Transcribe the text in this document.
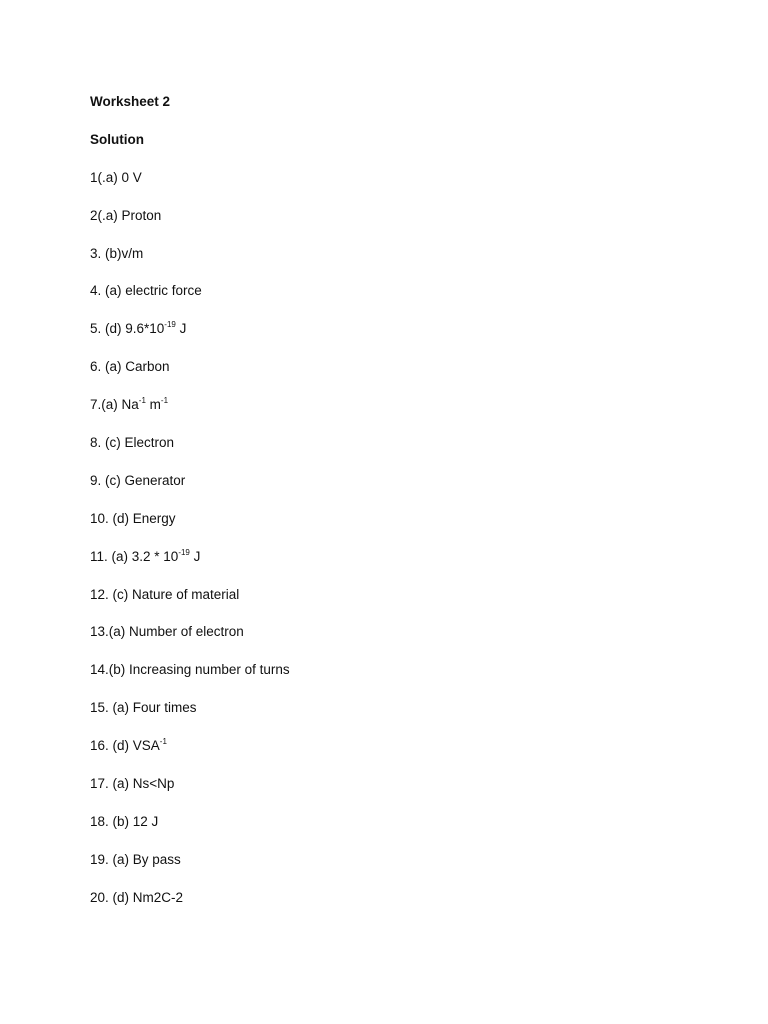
Worksheet 2
Solution
1(.a) 0 V
2(.a) Proton
3. (b)v/m
4. (a) electric force
5. (d) $9.6*10^{-19}$ J
6. (a) Carbon
7.(a) $Na^{-1}$ $m^{-1}$
8. (c) Electron
9. (c) Generator
10. (d) Energy
11. (a) $3.2 * 10^{-19}$ J
12. (c) Nature of material
13.(a) Number of electron
14.(b) Increasing number of turns
15. (a) Four times
16. (d) $VSA^{-1}$
17. (a) Ns<Np
18. (b) 12 J
19. (a) By pass
20. (d) Nm2C-2
